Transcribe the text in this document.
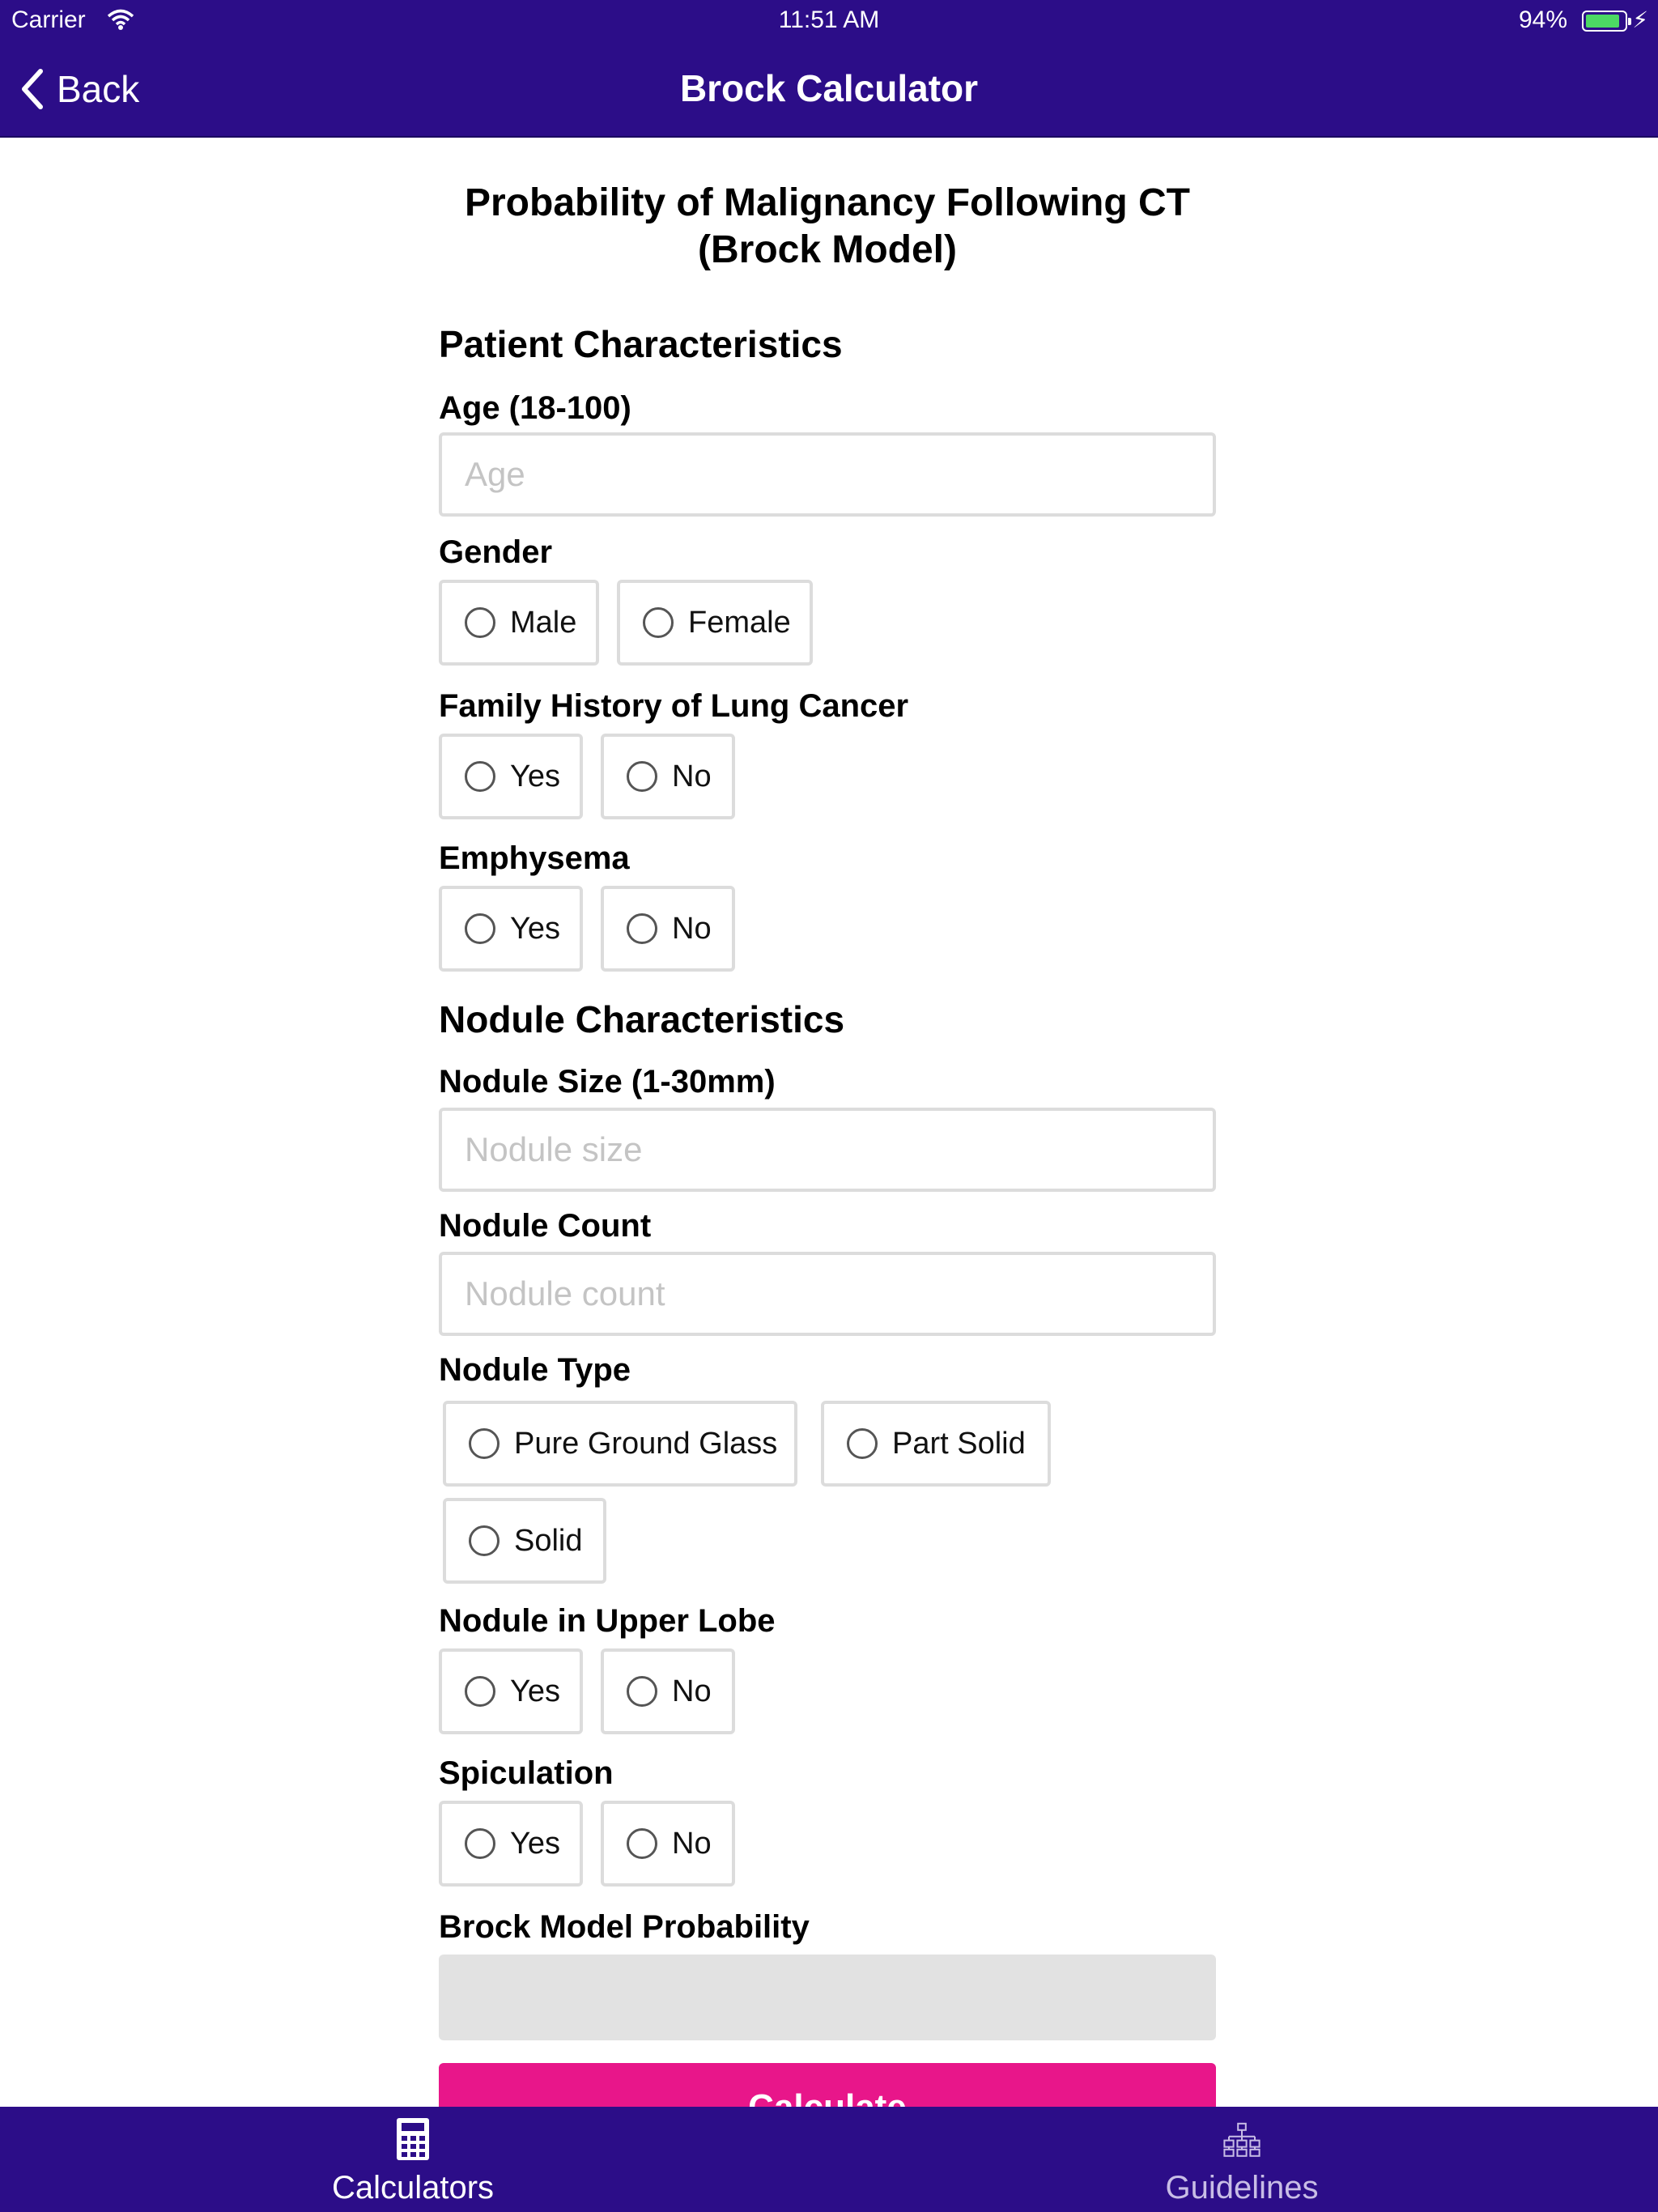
Carrier	11:51 AM	94%	⚡
Back	Brock Calculator
Probability of Malignancy Following CT
(Brock Model)
Patient Characteristics
Age (18-100)
Age
Gender
Male	Female
Family History of Lung Cancer
Yes	No
Emphysema
Yes	No
Nodule Characteristics
Nodule Size (1-30mm)
Nodule size
Nodule Count
Nodule count
Nodule Type
Pure Ground Glass	Part Solid
Solid
Nodule in Upper Lobe
Yes	No
Spiculation
Yes	No
Brock Model Probability
Calculators	Guidelines
